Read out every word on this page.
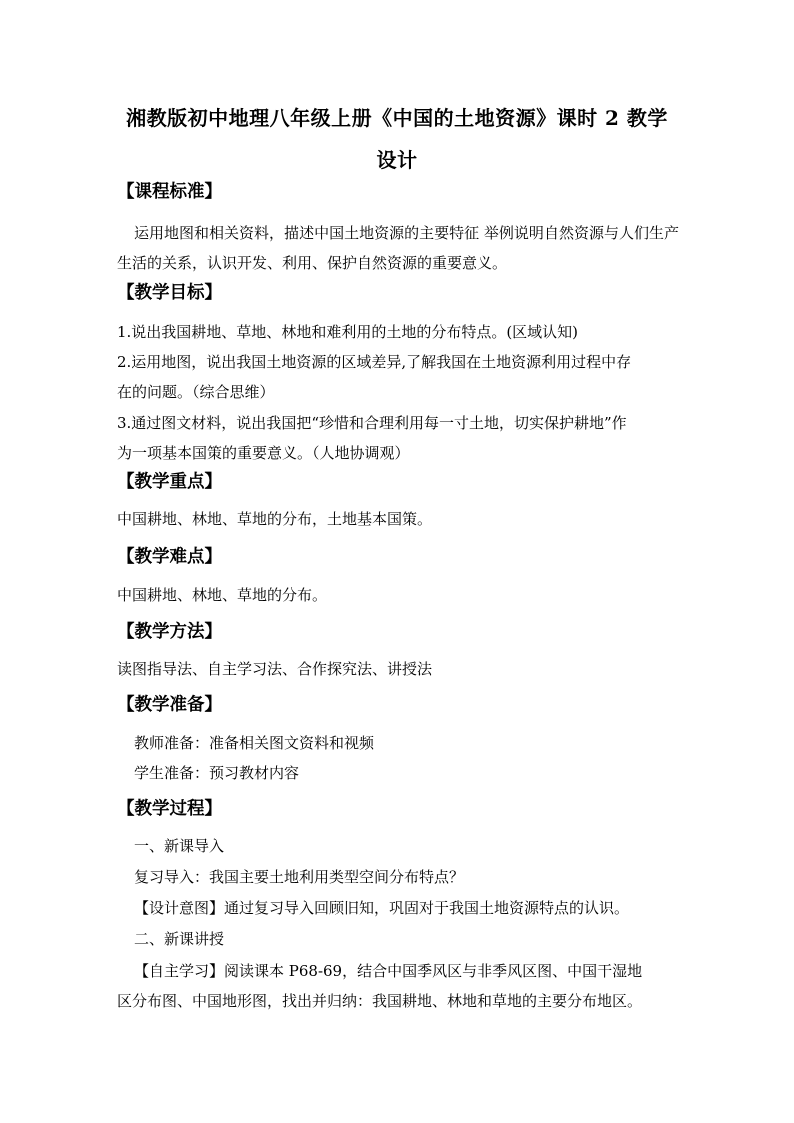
湘教版初中地理八年级上册《中国的土地资源》课时 2 教学
设计
【课程标准】
运用地图和相关资料，描述中国土地资源的主要特征 举例说明自然资源与人们生产生活的关系，认识开发、利用、保护自然资源的重要意义。
【教学目标】
1.说出我国耕地、草地、林地和难利用的土地的分布特点。(区域认知)
2.运用地图，说出我国土地资源的区域差异,了解我国在土地资源利用过程中存
在的问题。（综合思维）
3.通过图文材料，说出我国把“珍惜和合理利用每一寸土地，切实保护耕地”作
为一项基本国策的重要意义。（人地协调观）
【教学重点】
中国耕地、林地、草地的分布，土地基本国策。
【教学难点】
中国耕地、林地、草地的分布。
【教学方法】
读图指导法、自主学习法、合作探究法、讲授法
【教学准备】
教师准备：准备相关图文资料和视频
学生准备：预习教材内容
【教学过程】
一、新课导入
复习导入：我国主要土地利用类型空间分布特点？
【设计意图】通过复习导入回顾旧知，巩固对于我国土地资源特点的认识。
二、新课讲授
【自主学习】阅读课本 P68-69，结合中国季风区与非季风区图、中国干湿地
区分布图、中国地形图，找出并归纳：我国耕地、林地和草地的主要分布地区。
